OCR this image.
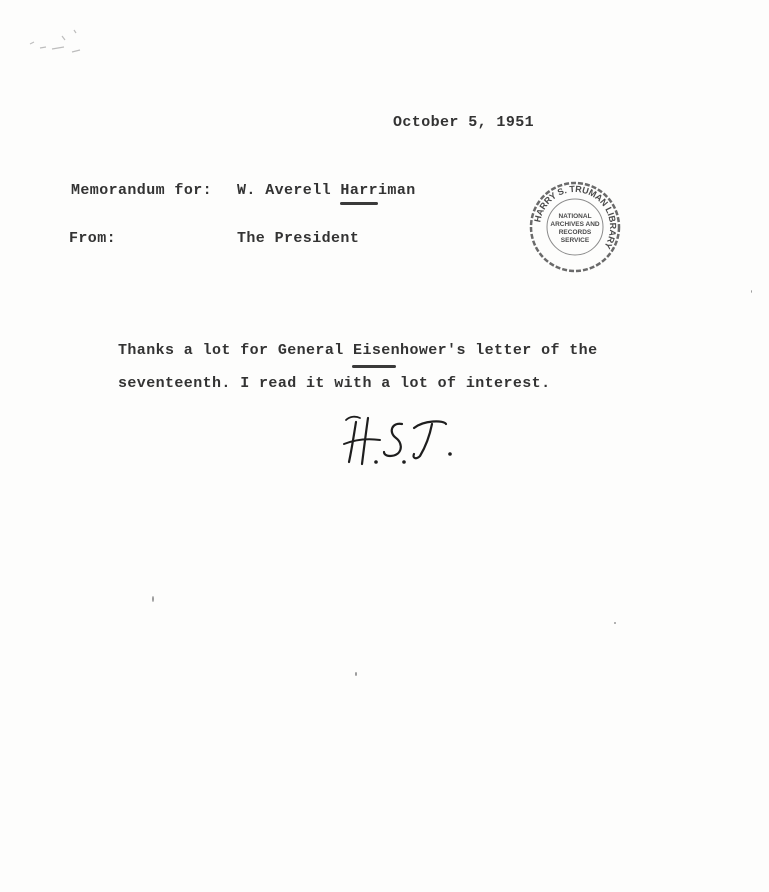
October 5, 1951
Memorandum for: W. Averell Harriman
From:	The President
HARRY S. TRUMAN LIBRARY
NATIONAL
ARCHIVES AND
RECORDS
SERVICE
Thanks a lot for General Eisenhower's letter of the
seventeenth. I read it with a lot of interest.
